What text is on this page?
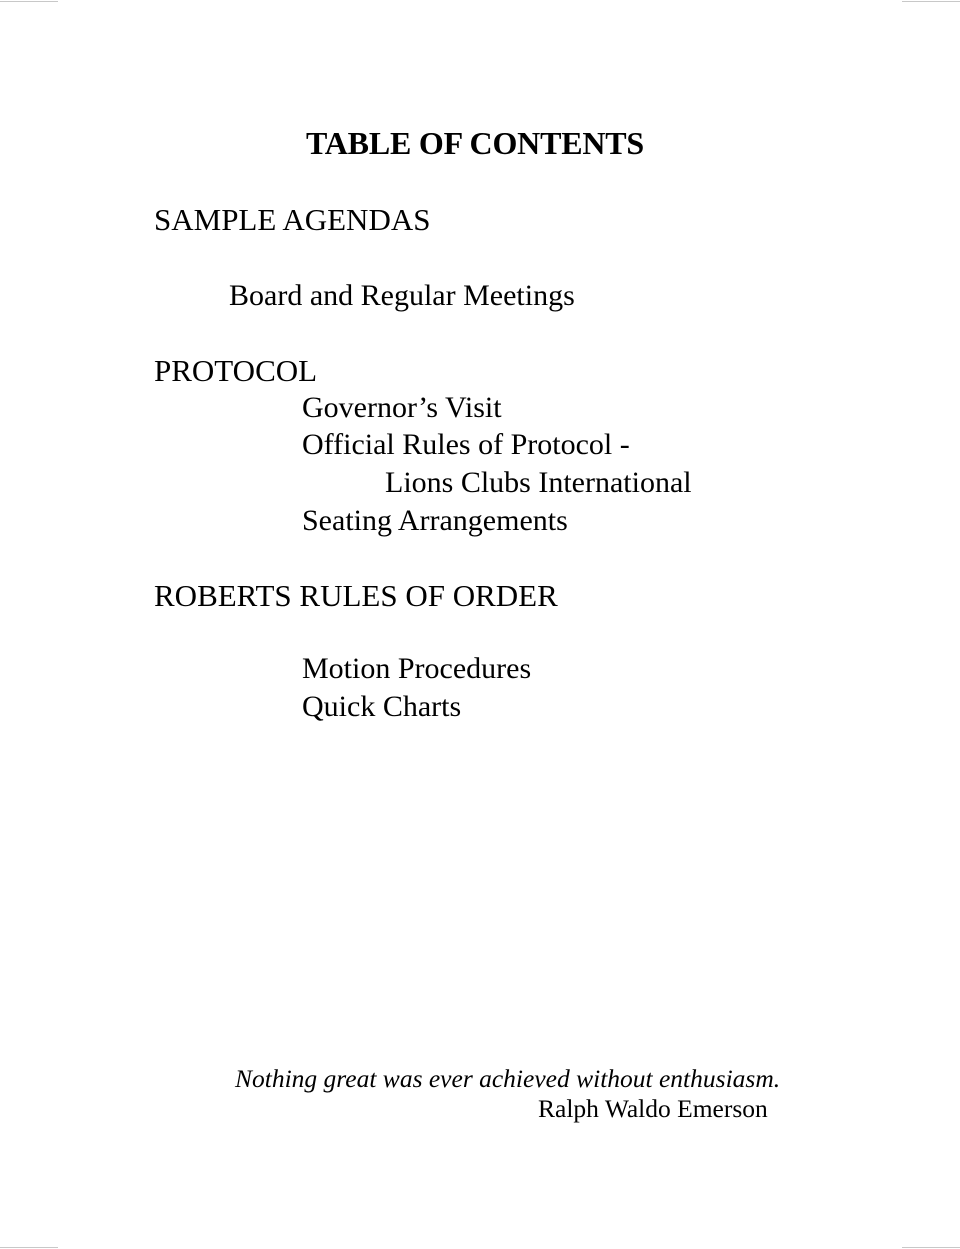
TABLE OF CONTENTS
SAMPLE AGENDAS
Board and Regular Meetings
PROTOCOL
Governor’s Visit
Official Rules of Protocol -
Lions Clubs International
Seating Arrangements
ROBERTS RULES OF ORDER
Motion Procedures
Quick Charts
Nothing great was ever achieved without enthusiasm.
Ralph Waldo Emerson
